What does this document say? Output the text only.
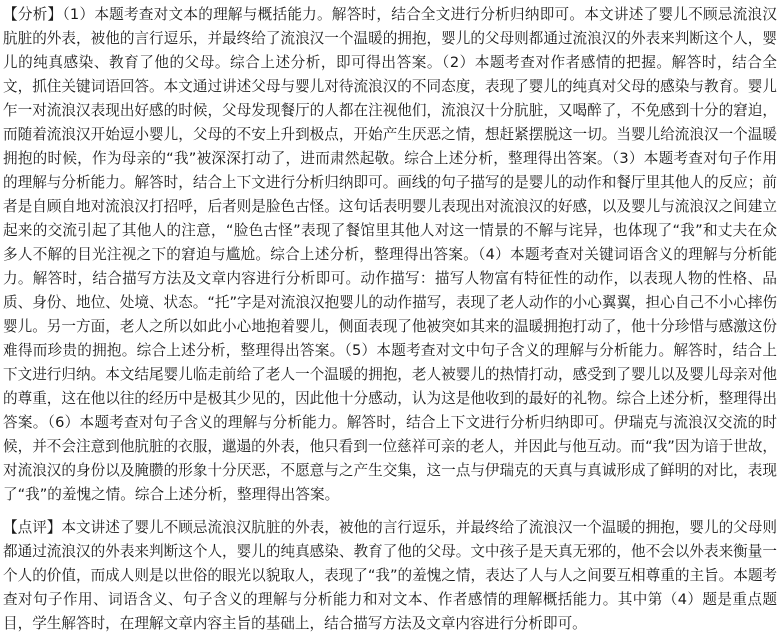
【分析】（1）本题考查对文本的理解与概括能力。解答时，结合全文进行分析归纳即可。本文讲述了婴儿不顾忌流浪汉肮脏的外表，被他的言行逗乐，并最终给了流浪汉一个温暖的拥抱，婴儿的父母则都通过流浪汉的外表来判断这个人，婴儿的纯真感染、教育了他的父母。综合上述分析，即可得出答案。（2）本题考查对作者感情的把握。解答时，结合全文，抓住关键词语回答。本文通过讲述父母与婴儿对待流浪汉的不同态度，表现了婴儿的纯真对父母的感染与教育。婴儿乍一对流浪汉表现出好感的时候，父母发现餐厅的人都在注视他们，流浪汉十分肮脏，又喝醉了，不免感到十分的窘迫，而随着流浪汉开始逗小婴儿，父母的不安上升到极点，开始产生厌恶之情，想赶紧摆脱这一切。当婴儿给流浪汉一个温暖拥抱的时候，作为母亲的“我”被深深打动了，进而肃然起敬。综合上述分析，整理得出答案。（3）本题考查对句子作用的理解与分析能力。解答时，结合上下文进行分析归纳即可。画线的句子描写的是婴儿的动作和餐厅里其他人的反应；前者是自顾自地对流浪汉打招呼，后者则是脸色古怪。这句话表明婴儿表现出对流浪汉的好感，以及婴儿与流浪汉之间建立起来的交流引起了其他人的注意，“脸色古怪”表现了餐馆里其他人对这一情景的不解与诧异，也体现了“我”和丈夫在众多人不解的目光注视之下的窘迫与尴尬。综合上述分析，整理得出答案。（4）本题考查对关键词语含义的理解与分析能力。解答时，结合描写方法及文章内容进行分析即可。动作描写：描写人物富有特征性的动作，以表现人物的性格、品质、身份、地位、处境、状态。“托”字是对流浪汉抱婴儿的动作描写，表现了老人动作的小心翼翼，担心自己不小心摔伤婴儿。另一方面，老人之所以如此小心地抱着婴儿，侧面表现了他被突如其来的温暖拥抱打动了，他十分珍惜与感激这份难得而珍贵的拥抱。综合上述分析，整理得出答案。（5）本题考查对文中句子含义的理解与分析能力。解答时，结合上下文进行归纳。本文结尾婴儿临走前给了老人一个温暖的拥抱，老人被婴儿的热情打动，感受到了婴儿以及婴儿母亲对他的尊重，这在他以往的经历中是极其少见的，因此他十分感动，认为这是他收到的最好的礼物。综合上述分析，整理得出答案。（6）本题考查对句子含义的理解与分析能力。解答时，结合上下文进行分析归纳即可。伊瑞克与流浪汉交流的时候，并不会注意到他肮脏的衣服，邋遢的外表，他只看到一位慈祥可亲的老人，并因此与他互动。而“我”因为谙于世故，对流浪汉的身份以及腌臜的形象十分厌恶，不愿意与之产生交集，这一点与伊瑞克的天真与真诚形成了鲜明的对比，表现了“我”的羞愧之情。综合上述分析，整理得出答案。

【点评】本文讲述了婴儿不顾忌流浪汉肮脏的外表，被他的言行逗乐，并最终给了流浪汉一个温暖的拥抱，婴儿的父母则都通过流浪汉的外表来判断这个人，婴儿的纯真感染、教育了他的父母。文中孩子是天真无邪的，他不会以外表来衡量一个人的价值，而成人则是以世俗的眼光以貌取人，表现了“我”的羞愧之情，表达了人与人之间要互相尊重的主旨。本题考查对句子作用、词语含义、句子含义的理解与分析能力和对文本、作者感情的理解概括能力。其中第（4）题是重点题目，学生解答时，在理解文章内容主旨的基础上，结合描写方法及文章内容进行分析即可。
